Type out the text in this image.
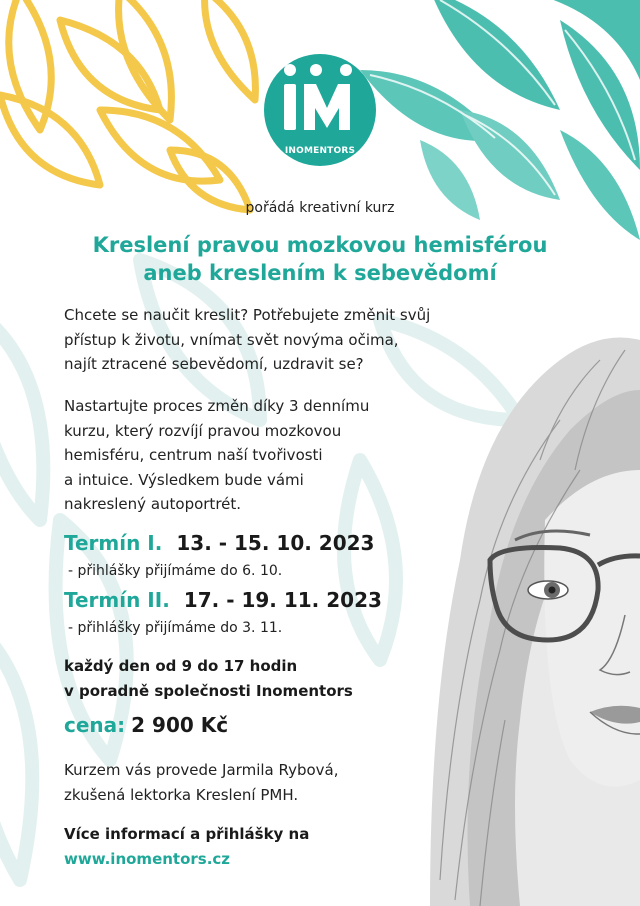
INOMENTORS
pořádá kreativní kurz
Kreslení pravou mozkovou hemisférou
aneb kreslením k sebevědomí
Chcete se naučit kreslit? Potřebujete změnit svůj
přístup k životu, vnímat svět novýma očima,
najít ztracené sebevědomí, uzdravit se?
Nastartujte proces změn díky 3 dennímu
kurzu, který rozvíjí pravou mozkovou
hemisféru, centrum naší tvořivosti
a intuice. Výsledkem bude vámi
nakreslený autoportrét.
Termín I. 13. - 15. 10. 2023
- přihlášky přijímáme do 6. 10.
Termín II. 17. - 19. 11. 2023
- přihlášky přijímáme do 3. 11.
každý den od 9 do 17 hodin
v poradně společnosti Inomentors
cena: 2 900 Kč
Kurzem vás provede Jarmila Rybová,
zkušená lektorka Kreslení PMH.
Více informací a přihlášky na
www.inomentors.cz
